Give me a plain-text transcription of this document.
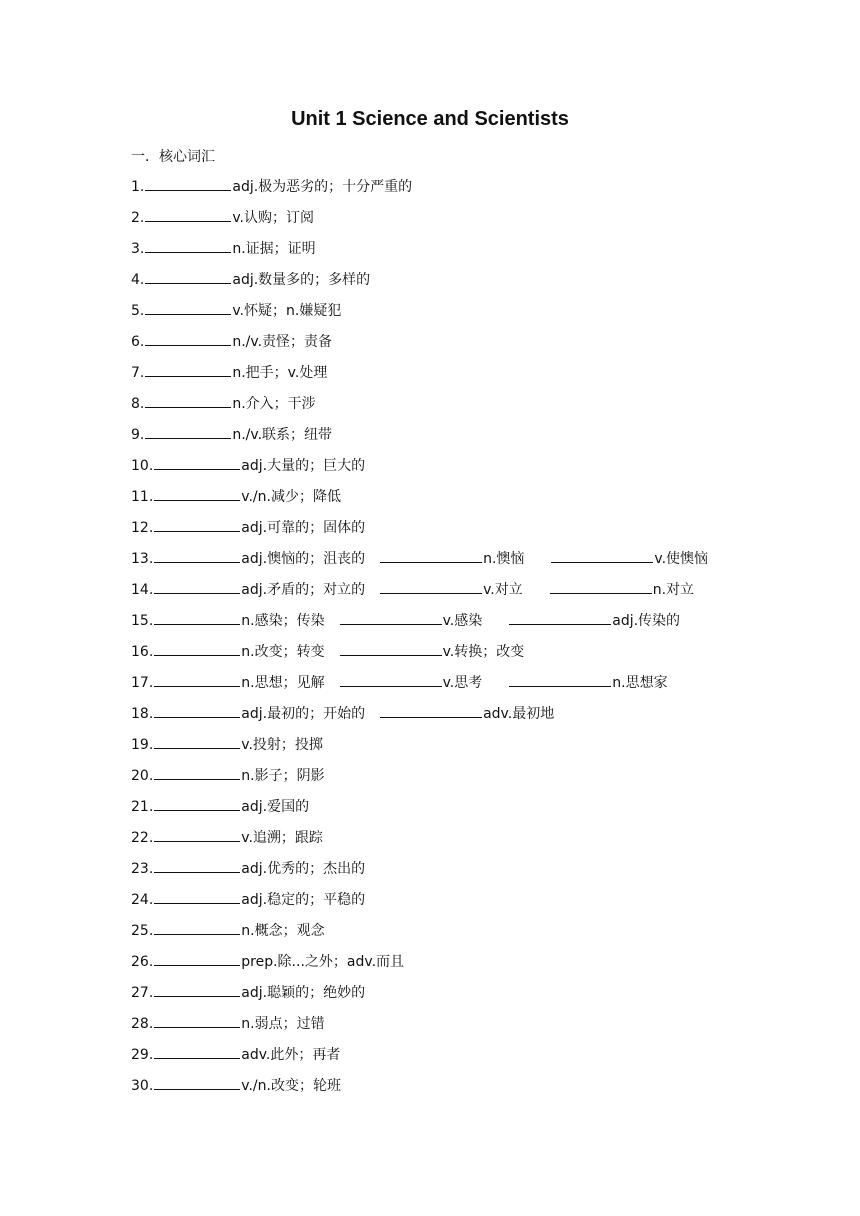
Unit 1 Science and Scientists
一．核心词汇
1.	adj.极为恶劣的；十分严重的
2.	v.认购；订阅
3.	n.证据；证明
4.	adj.数量多的；多样的
5.	v.怀疑；n.嫌疑犯
6.	n./v.责怪；责备
7.	n.把手；v.处理
8.	n.介入；干涉
9.	n./v.联系；纽带
10.	adj.大量的；巨大的
11.	v./n.减少；降低
12.	adj.可靠的；固体的
13.	adj.懊恼的；沮丧的	n.懊恼	v.使懊恼
14.	adj.矛盾的；对立的	v.对立	n.对立
15.	n.感染；传染	v.感染	adj.传染的
16.	n.改变；转变	v.转换；改变
17.	n.思想；见解	v.思考	n.思想家
18.	adj.最初的；开始的	adv.最初地
19.	v.投射；投掷
20.	n.影子；阴影
21.	adj.爱国的
22.	v.追溯；跟踪
23.	adj.优秀的；杰出的
24.	adj.稳定的；平稳的
25.	n.概念；观念
26.	prep.除...之外；adv.而且
27.	adj.聪颖的；绝妙的
28.	n.弱点；过错
29.	adv.此外；再者
30.	v./n.改变；轮班
